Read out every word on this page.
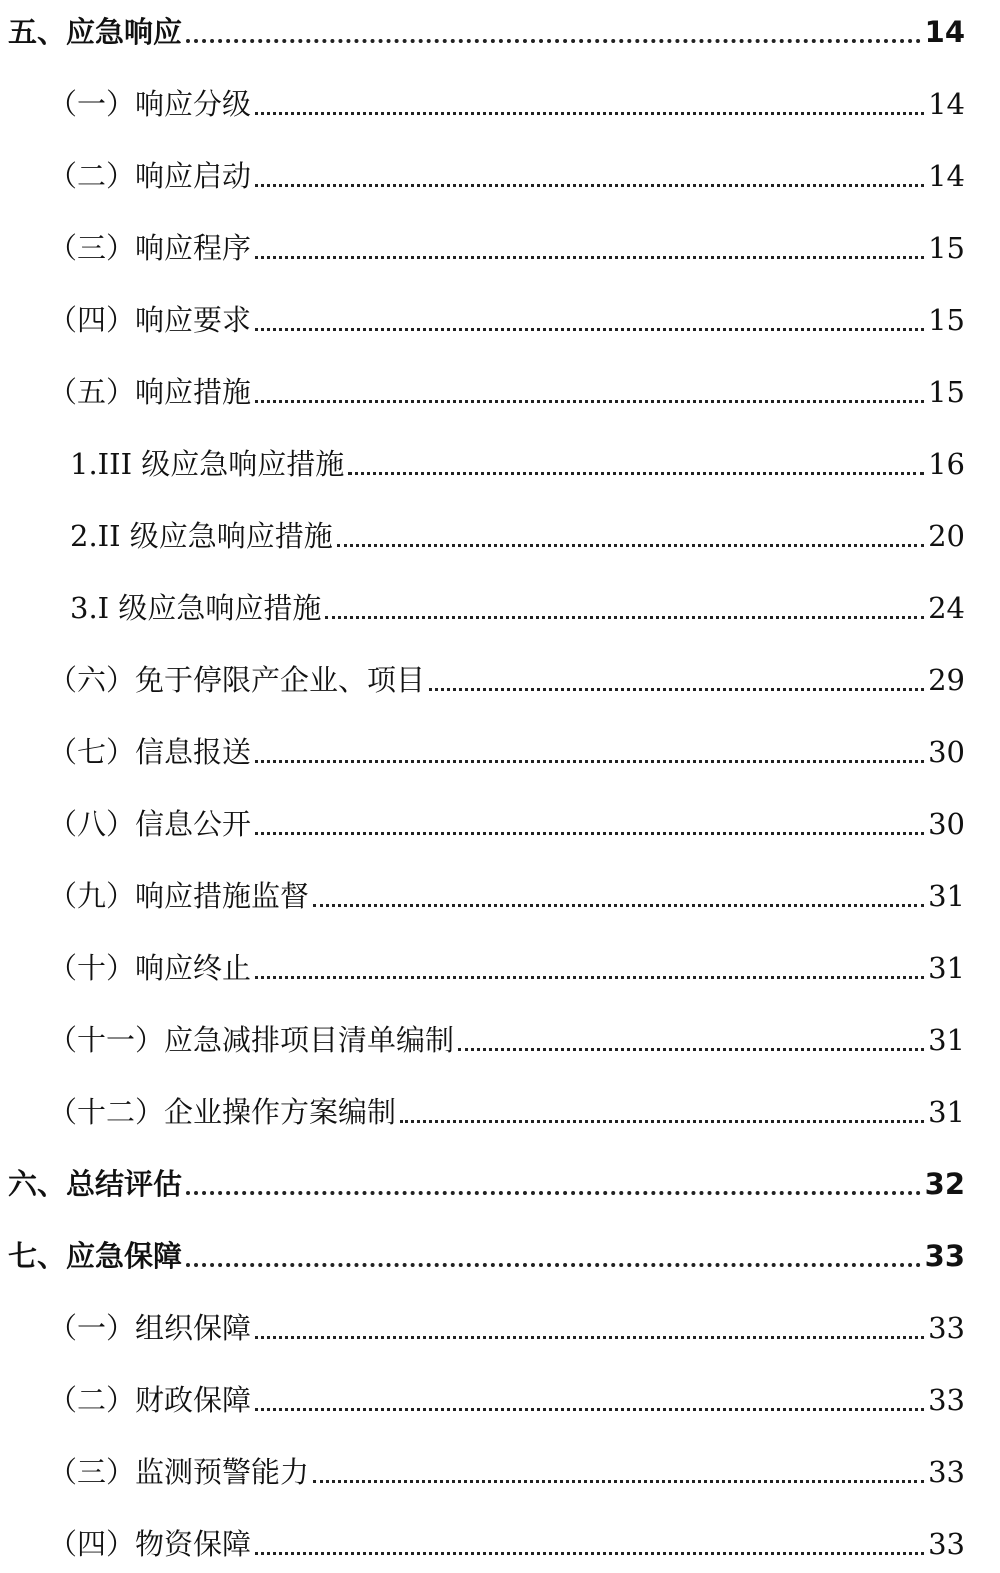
五、应急响应	14
（一）响应分级	14
（二）响应启动	14
（三）响应程序	15
（四）响应要求	15
（五）响应措施	15
1.III 级应急响应措施	16
2.II 级应急响应措施	20
3.I 级应急响应措施	24
（六）免于停限产企业、项目	29
（七）信息报送	30
（八）信息公开	30
（九）响应措施监督	31
（十）响应终止	31
（十一）应急减排项目清单编制	31
（十二）企业操作方案编制	31
六、总结评估	32
七、应急保障	33
（一）组织保障	33
（二）财政保障	33
（三）监测预警能力	33
（四）物资保障	33
